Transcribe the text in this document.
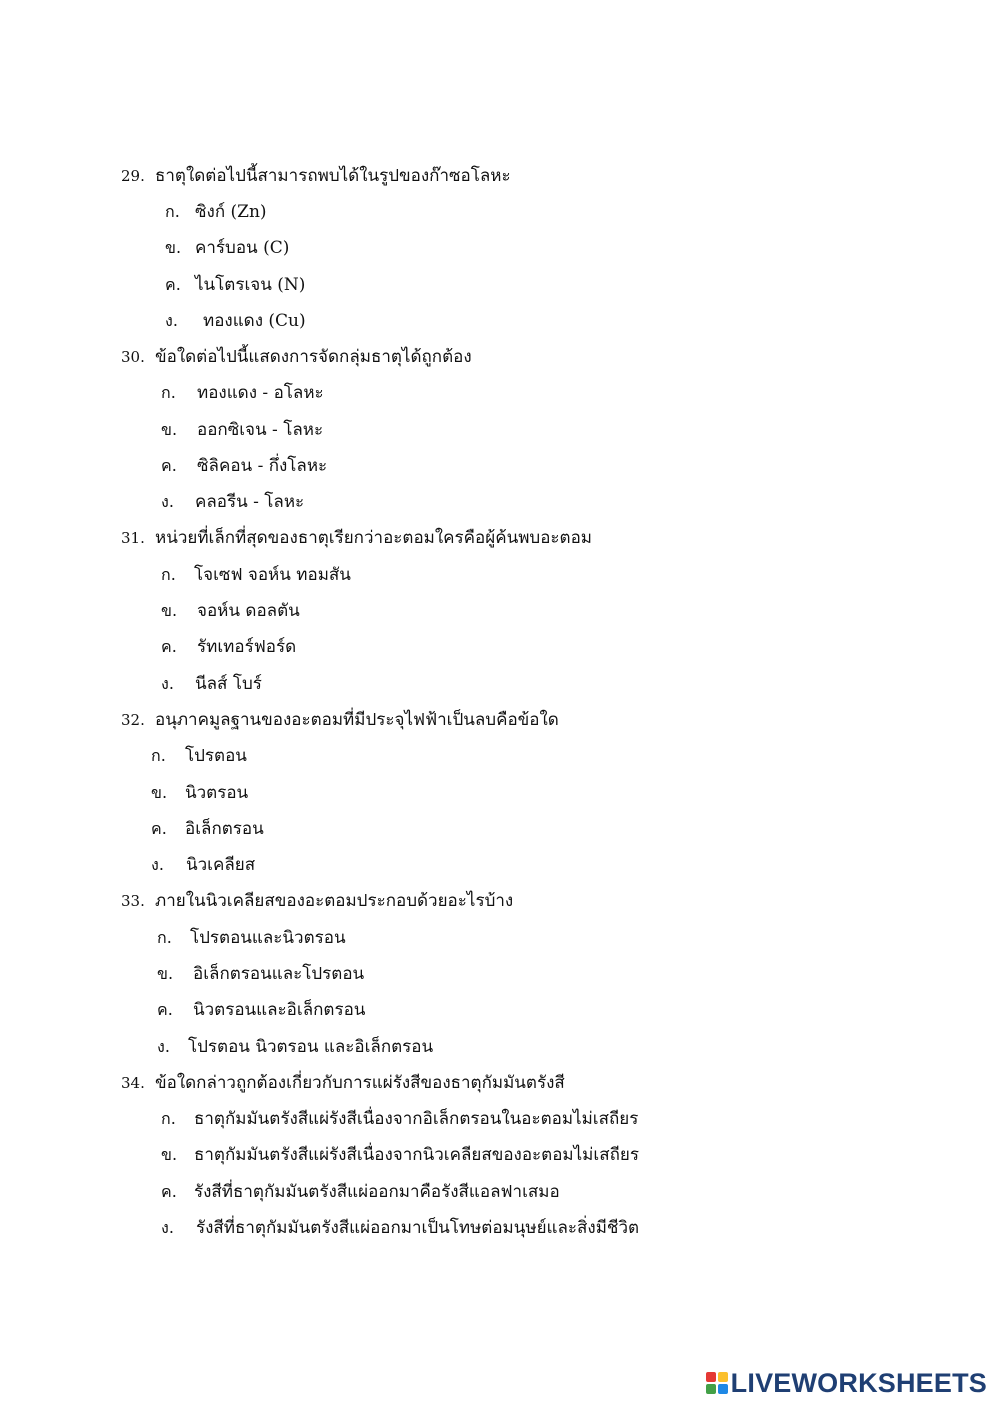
29. ธาตุใดต่อไปนี้สามารถพบได้ในรูปของก๊าซอโลหะ
ก. ซิงก์ (Zn)
ข. คาร์บอน (C)
ค. ไนโตรเจน (N)
ง. ทองแดง (Cu)
30. ข้อใดต่อไปนี้แสดงการจัดกลุ่มธาตุได้ถูกต้อง
ก. ทองแดง - อโลหะ
ข. ออกซิเจน - โลหะ
ค. ซิลิคอน - กึ่งโลหะ
ง. คลอรีน - โลหะ
31. หน่วยที่เล็กที่สุดของธาตุเรียกว่าอะตอมใครคือผู้ค้นพบอะตอม
ก. โจเซฟ จอห์น ทอมสัน
ข. จอห์น ดอลตัน
ค. รัทเทอร์ฟอร์ด
ง. นีลส์ โบร์
32. อนุภาคมูลฐานของอะตอมที่มีประจุไฟฟ้าเป็นลบคือข้อใด
ก. โปรตอน
ข. นิวตรอน
ค. อิเล็กตรอน
ง. นิวเคลียส
33. ภายในนิวเคลียสของอะตอมประกอบด้วยอะไรบ้าง
ก. โปรตอนและนิวตรอน
ข. อิเล็กตรอนและโปรตอน
ค. นิวตรอนและอิเล็กตรอน
ง. โปรตอน นิวตรอน และอิเล็กตรอน
34. ข้อใดกล่าวถูกต้องเกี่ยวกับการแผ่รังสีของธาตุกัมมันตรังสี
ก. ธาตุกัมมันตรังสีแผ่รังสีเนื่องจากอิเล็กตรอนในอะตอมไม่เสถียร
ข. ธาตุกัมมันตรังสีแผ่รังสีเนื่องจากนิวเคลียสของอะตอมไม่เสถียร
ค. รังสีที่ธาตุกัมมันตรังสีแผ่ออกมาคือรังสีแอลฟาเสมอ
ง. รังสีที่ธาตุกัมมันตรังสีแผ่ออกมาเป็นโทษต่อมนุษย์และสิ่งมีชีวิต
LIVEWORKSHEETS
